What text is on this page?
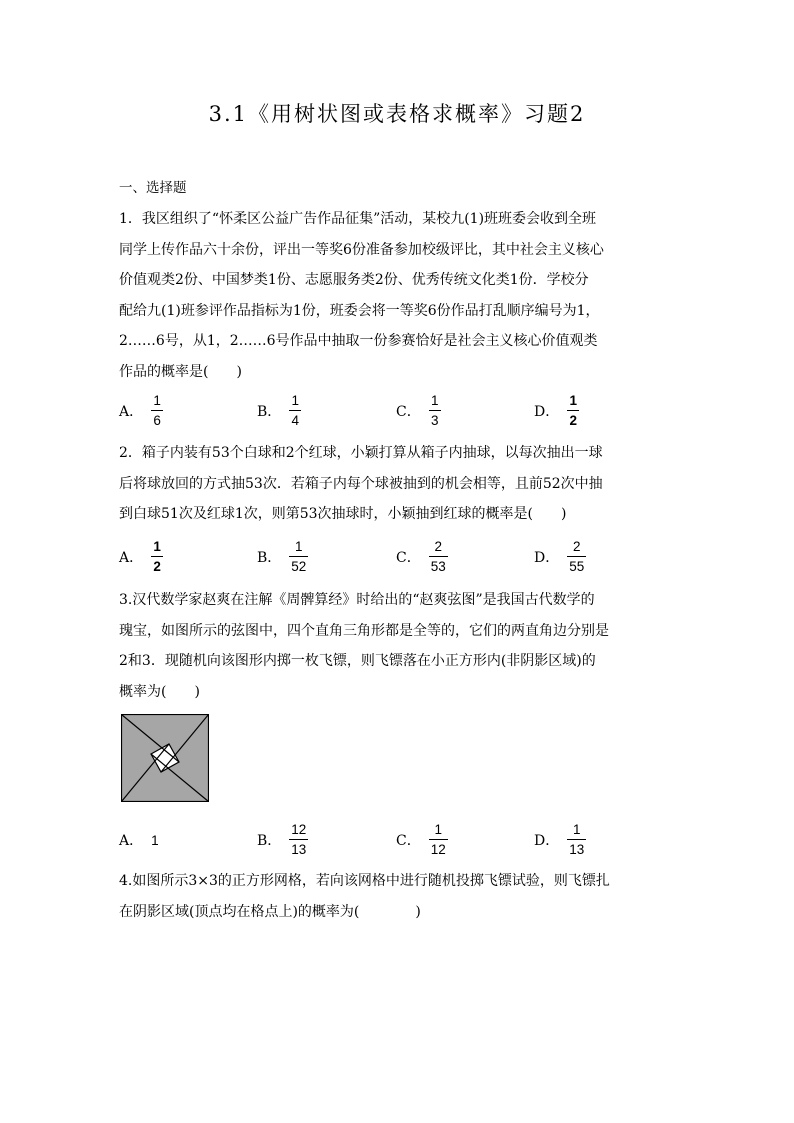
3.1《用树状图或表格求概率》习题2
一、选择题

1．我区组织了“怀柔区公益广告作品征集”活动，某校九(1)班班委会收到全班

同学上传作品六十余份，评出一等奖6份准备参加校级评比，其中社会主义核心

价值观类2份、中国梦类1份、志愿服务类2份、优秀传统文化类1份．学校分

配给九(1)班参评作品指标为1份，班委会将一等奖6份作品打乱顺序编号为1，

2……6号，从1，2……6号作品中抽取一份参赛恰好是社会主义核心价值观类

作品的概率是(　　)

A． $\frac{1}{6}$	B． $\frac{1}{4}$	C． $\frac{1}{3}$	D． $\frac{1}{2}$

2．箱子内装有53个白球和2个红球，小颖打算从箱子内抽球，以每次抽出一球

后将球放回的方式抽53次．若箱子内每个球被抽到的机会相等，且前52次中抽

到白球51次及红球1次，则第53次抽球时，小颖抽到红球的概率是(　　)

A． $\frac{1}{2}$	B． $\frac{1}{52}$	C． $\frac{2}{53}$	D． $\frac{2}{55}$

3.汉代数学家赵爽在注解《周髀算经》时给出的“赵爽弦图”是我国古代数学的

瑰宝，如图所示的弦图中，四个直角三角形都是全等的，它们的两直角边分别是

2和3．现随机向该图形内掷一枚飞镖，则飞镖落在小正方形内(非阴影区域)的

概率为(　　)

A． 1	B． $\frac{12}{13}$	C． $\frac{1}{12}$	D． $\frac{1}{13}$

4.如图所示3×3的正方形网格，若向该网格中进行随机投掷飞镖试验，则飞镖扎

在阴影区域(顶点均在格点上)的概率为(　　　　)
